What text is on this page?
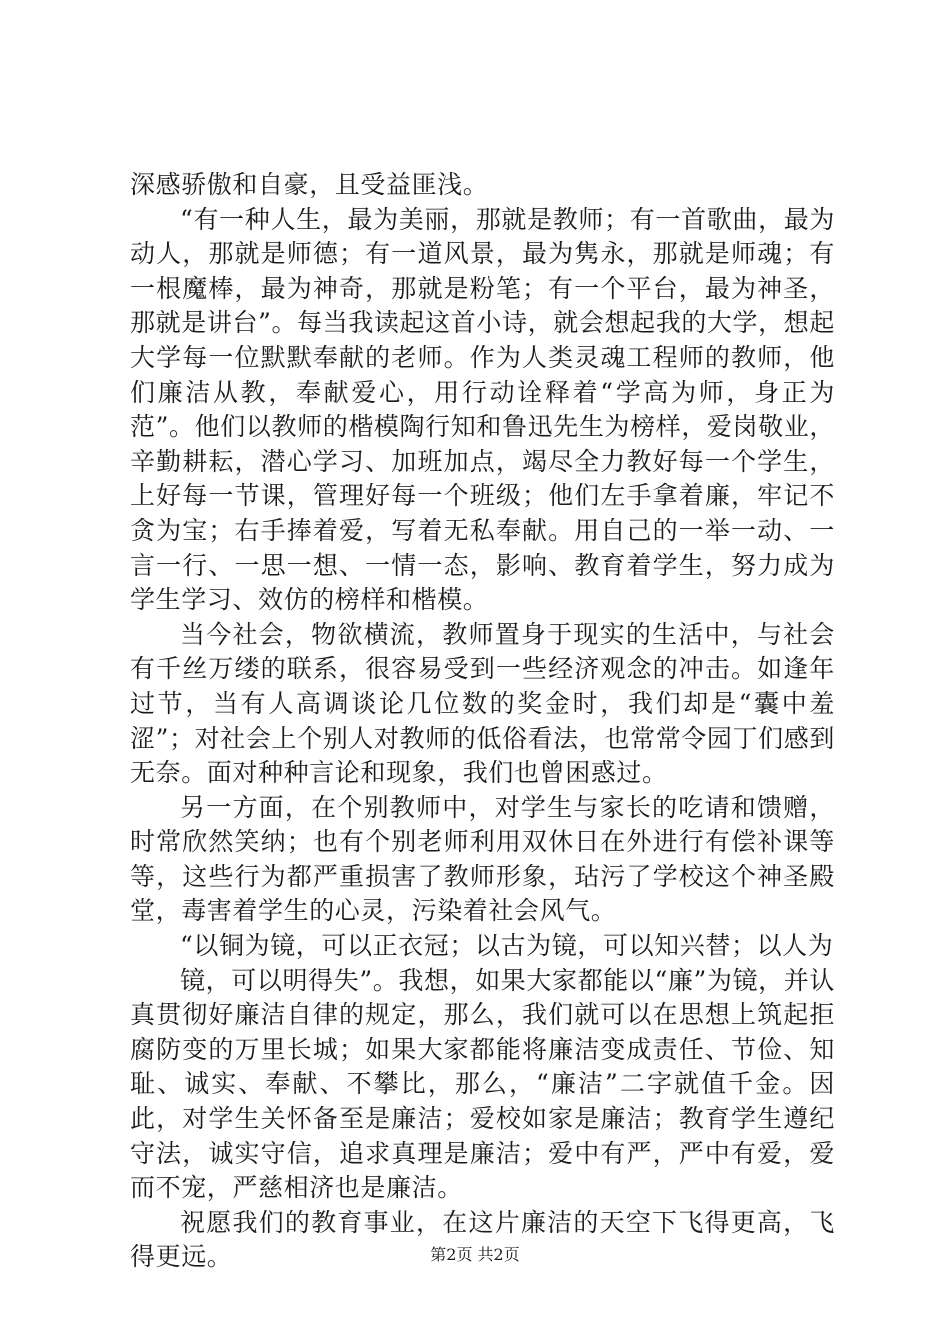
深感骄傲和自豪，且受益匪浅。

“有一种人生，最为美丽，那就是教师；有一首歌曲，最为动人，那就是师德；有一道风景，最为隽永，那就是师魂；有一根魔棒，最为神奇，那就是粉笔；有一个平台，最为神圣，那就是讲台”。每当我读起这首小诗，就会想起我的大学，想起大学每一位默默奉献的老师。作为人类灵魂工程师的教师，他们廉洁从教，奉献爱心，用行动诠释着“学高为师，身正为范”。他们以教师的楷模陶行知和鲁迅先生为榜样，爱岗敬业，辛勤耕耘，潜心学习、加班加点，竭尽全力教好每一个学生，上好每一节课，管理好每一个班级；他们左手拿着廉，牢记不贪为宝；右手捧着爱，写着无私奉献。用自己的一举一动、一言一行、一思一想、一情一态，影响、教育着学生，努力成为学生学习、效仿的榜样和楷模。

当今社会，物欲横流，教师置身于现实的生活中，与社会有千丝万缕的联系，很容易受到一些经济观念的冲击。如逢年过节，当有人高调谈论几位数的奖金时，我们却是“囊中羞涩”；对社会上个别人对教师的低俗看法，也常常令园丁们感到无奈。面对种种言论和现象，我们也曾困惑过。

另一方面，在个别教师中，对学生与家长的吃请和馈赠，时常欣然笑纳；也有个别老师利用双休日在外进行有偿补课等等，这些行为都严重损害了教师形象，玷污了学校这个神圣殿堂，毒害着学生的心灵，污染着社会风气。

“以铜为镜，可以正衣冠；以古为镜，可以知兴替；以人为

镜，可以明得失”。我想，如果大家都能以“廉”为镜，并认真贯彻好廉洁自律的规定，那么，我们就可以在思想上筑起拒腐防变的万里长城；如果大家都能将廉洁变成责任、节俭、知耻、诚实、奉献、不攀比，那么，“廉洁”二字就值千金。因此，对学生关怀备至是廉洁；爱校如家是廉洁；教育学生遵纪守法，诚实守信，追求真理是廉洁；爱中有严，严中有爱，爱而不宠，严慈相济也是廉洁。

祝愿我们的教育事业，在这片廉洁的天空下飞得更高，飞得更远。	第2页 共2页
